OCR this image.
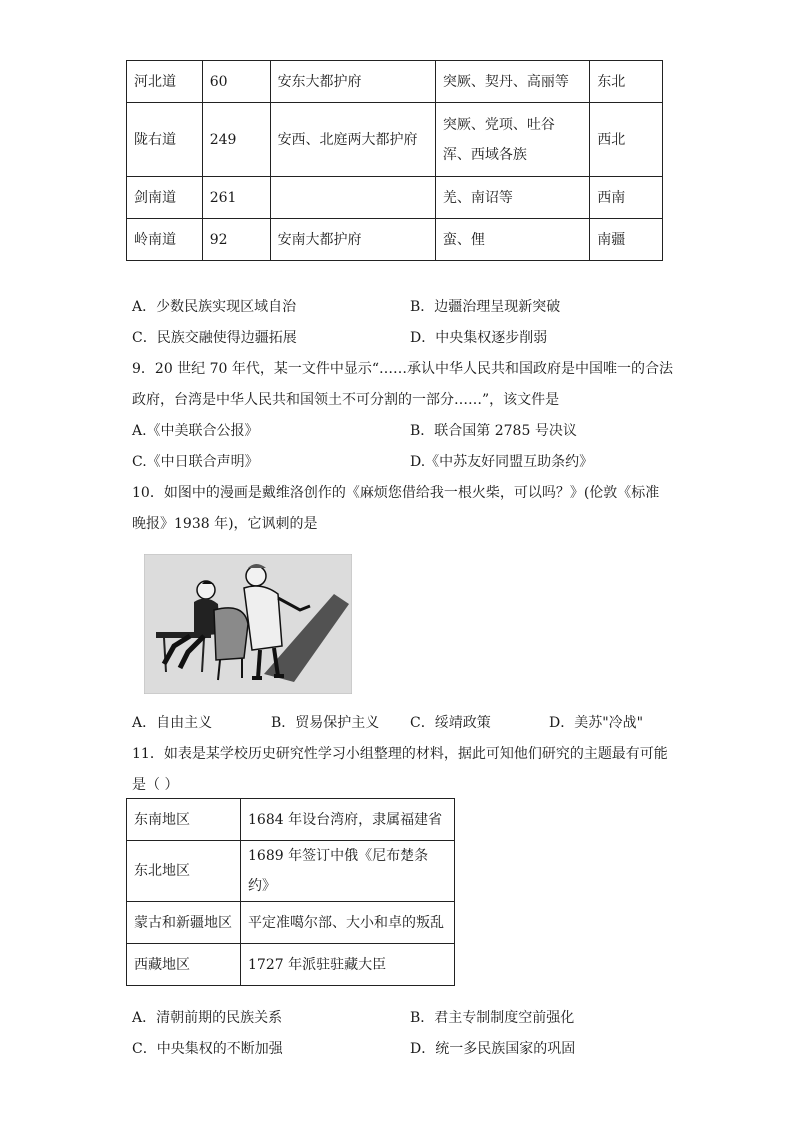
河北道	60	安东大都护府	突厥、契丹、高丽等	东北
陇右道	249	安西、北庭两大都护府	突厥、党项、吐谷浑、西域各族	西北
剑南道	261		羌、南诏等	西南
岭南道	92	安南大都护府	蛮、俚	南疆
A．少数民族实现区域自治	B．边疆治理呈现新突破
C．民族交融使得边疆拓展	D．中央集权逐步削弱
9．20 世纪 70 年代，某一文件中显示“……承认中华人民共和国政府是中国唯一的合法
政府，台湾是中华人民共和国领土不可分割的一部分……”，该文件是
A.《中美联合公报》	B．联合国第 2785 号决议
C.《中日联合声明》	D.《中苏友好同盟互助条约》
10．如图中的漫画是戴维洛创作的《麻烦您借给我一根火柴，可以吗？》(伦敦《标准
晚报》1938 年)，它讽刺的是
A．自由主义	B．贸易保护主义 C．绥靖政策	D．美苏"冷战"
11．如表是某学校历史研究性学习小组整理的材料，据此可知他们研究的主题最有可能
是（ ）
东南地区	1684 年设台湾府，隶属福建省
东北地区	1689 年签订中俄《尼布楚条约》
蒙古和新疆地区	平定准噶尔部、大小和卓的叛乱
西藏地区	1727 年派驻驻藏大臣
A．清朝前期的民族关系	B．君主专制制度空前强化
C．中央集权的不断加强	D．统一多民族国家的巩固
